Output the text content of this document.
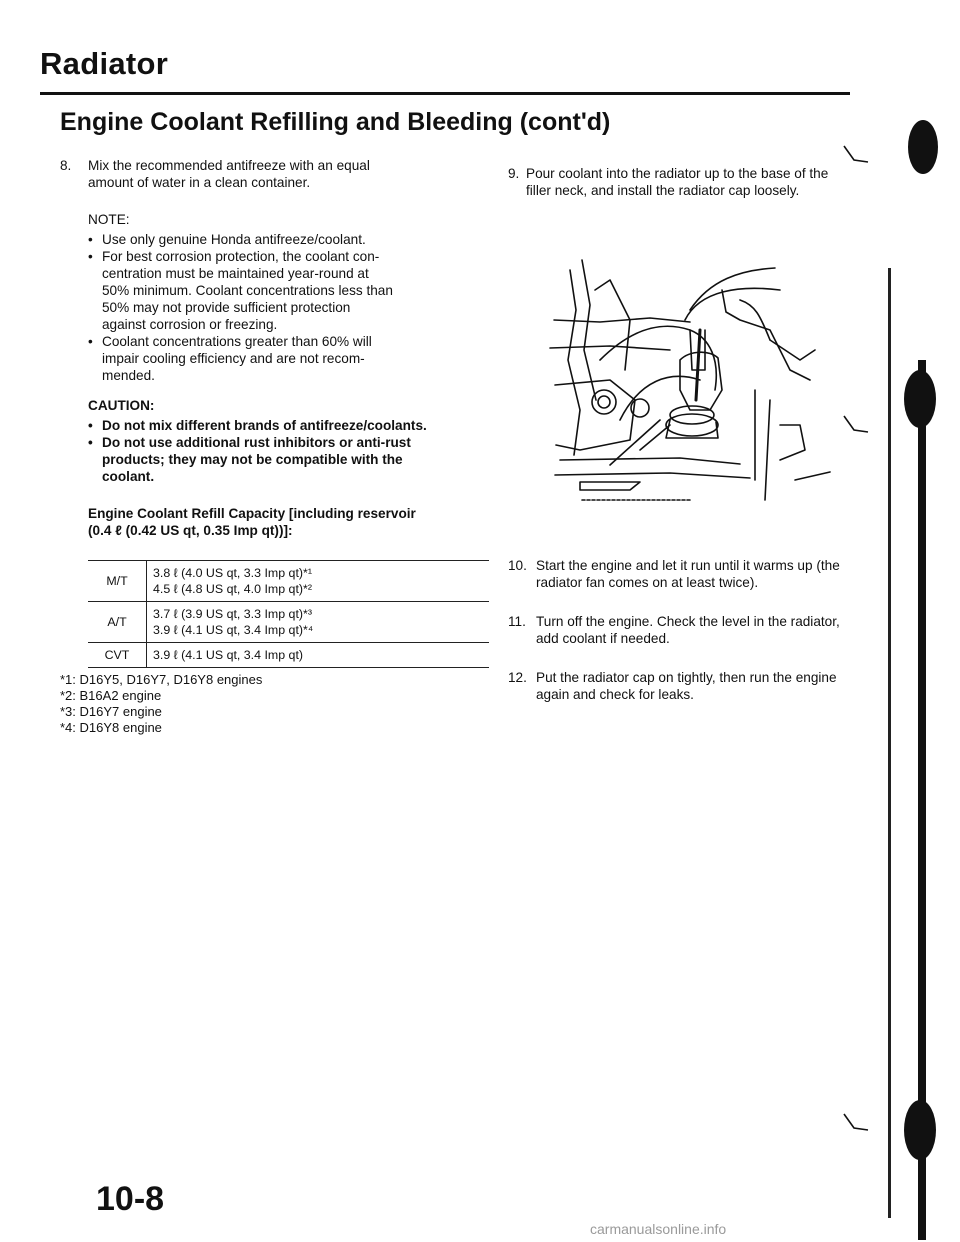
Radiator
Engine Coolant Refilling and Bleeding (cont'd)
8. Mix the recommended antifreeze with an equal
amount of water in a clean container.
NOTE:
• Use only genuine Honda antifreeze/coolant.
• For best corrosion protection, the coolant con-
centration must be maintained year-round at
50% minimum. Coolant concentrations less than
50% may not provide sufficient protection
against corrosion or freezing.
• Coolant concentrations greater than 60% will
impair cooling efficiency and are not recom-
mended.
CAUTION:
• Do not mix different brands of antifreeze/coolants.
• Do not use additional rust inhibitors or anti-rust
products; they may not be compatible with the
coolant.
Engine Coolant Refill Capacity [including reservoir
(0.4 ℓ (0.42 US qt, 0.35 Imp qt))]:
M/T	3.8 ℓ (4.0 US qt, 3.3 Imp qt)*¹
4.5 ℓ (4.8 US qt, 4.0 Imp qt)*²

A/T	3.7 ℓ (3.9 US qt, 3.3 Imp qt)*³
3.9 ℓ (4.1 US qt, 3.4 Imp qt)*⁴

CVT	3.9 ℓ (4.1 US qt, 3.4 Imp qt)
*1: D16Y5, D16Y7, D16Y8 engines
*2: B16A2 engine
*3: D16Y7 engine
*4: D16Y8 engine
9. Pour coolant into the radiator up to the base of the
filler neck, and install the radiator cap loosely.
10. Start the engine and let it run until it warms up (the
radiator fan comes on at least twice).
11. Turn off the engine. Check the level in the radiator,
add coolant if needed.
12. Put the radiator cap on tightly, then run the engine
again and check for leaks.
10-8
carmanualsonline.info
